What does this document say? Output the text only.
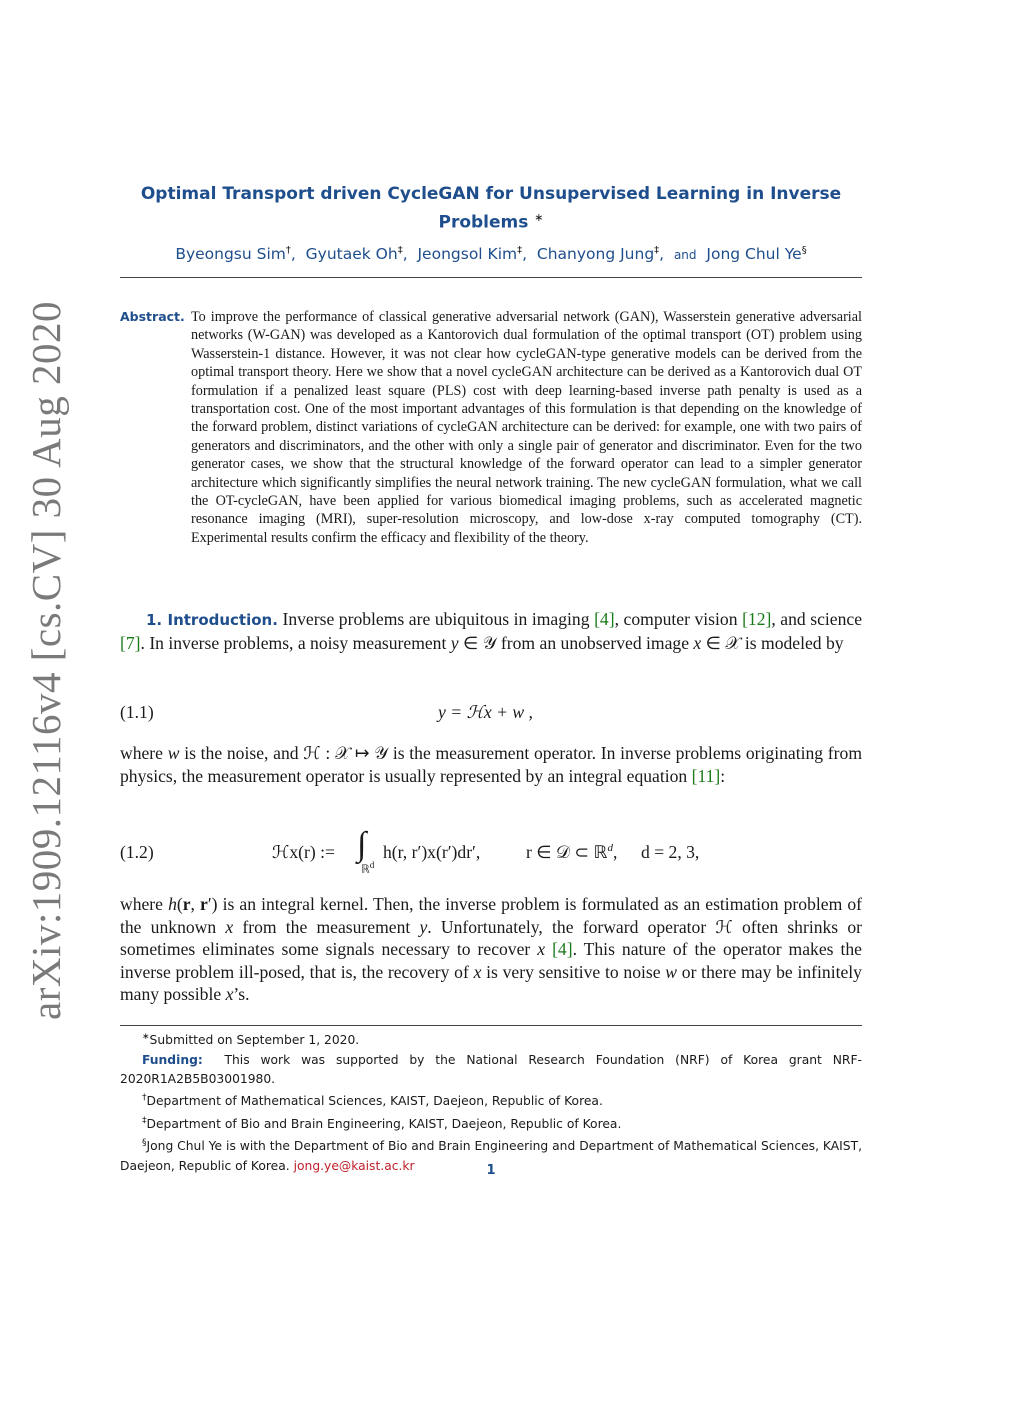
arXiv:1909.12116v4 [cs.CV] 30 Aug 2020
Optimal Transport driven CycleGAN for Unsupervised Learning in Inverse
Problems ∗
Byeongsu Sim†,  Gyutaek Oh‡,  Jeongsol Kim‡,  Chanyong Jung‡,  and Jong Chul Ye§
Abstract. To improve the performance of classical generative adversarial network (GAN), Wasserstein generative adversarial networks (W-GAN) was developed as a Kantorovich dual formulation of the optimal transport (OT) problem using Wasserstein-1 distance. However, it was not clear how cycleGAN-type generative models can be derived from the optimal transport theory. Here we show that a novel cycleGAN architecture can be derived as a Kantorovich dual OT formulation if a penalized least square (PLS) cost with deep learning-based inverse path penalty is used as a transportation cost. One of the most important advantages of this formulation is that depending on the knowledge of the forward problem, distinct variations of cycleGAN architecture can be derived: for example, one with two pairs of generators and discriminators, and the other with only a single pair of generator and discriminator. Even for the two generator cases, we show that the structural knowledge of the forward operator can lead to a simpler generator architecture which significantly simplifies the neural network training. The new cycleGAN formulation, what we call the OT-cycleGAN, have been applied for various biomedical imaging problems, such as accelerated magnetic resonance imaging (MRI), super-resolution microscopy, and low-dose x-ray computed tomography (CT). Experimental results confirm the efficacy and flexibility of the theory.
1. Introduction. Inverse problems are ubiquitous in imaging [4], computer vision [12], and science [7]. In inverse problems, a noisy measurement y ∈ 𝒴 from an unobserved image x ∈ 𝒳 is modeled by
(1.1)	y = ℋx + w ,
where w is the noise, and ℋ : 𝒳 ↦ 𝒴 is the measurement operator. In inverse problems originating from physics, the measurement operator is usually represented by an integral equation [11]:
(1.2)	ℋx(r) := ∫
ℝ$^d$
h(r, r′)x(r′)dr′,	r ∈ 𝒟 ⊂ ℝ$^d$, d = 2, 3,
where h(r, r′) is an integral kernel. Then, the inverse problem is formulated as an estimation problem of the unknown x from the measurement y. Unfortunately, the forward operator ℋ often shrinks or sometimes eliminates some signals necessary to recover x [4]. This nature of the operator makes the inverse problem ill-posed, that is, the recovery of x is very sensitive to noise w or there may be infinitely many possible x’s.
∗Submitted on September 1, 2020.
Funding: This work was supported by the National Research Foundation (NRF) of Korea grant NRF-2020R1A2B5B03001980.
†Department of Mathematical Sciences, KAIST, Daejeon, Republic of Korea.
‡Department of Bio and Brain Engineering, KAIST, Daejeon, Republic of Korea.
§Jong Chul Ye is with the Department of Bio and Brain Engineering and Department of Mathematical Sciences, KAIST, Daejeon, Republic of Korea. jong.ye@kaist.ac.kr	1
